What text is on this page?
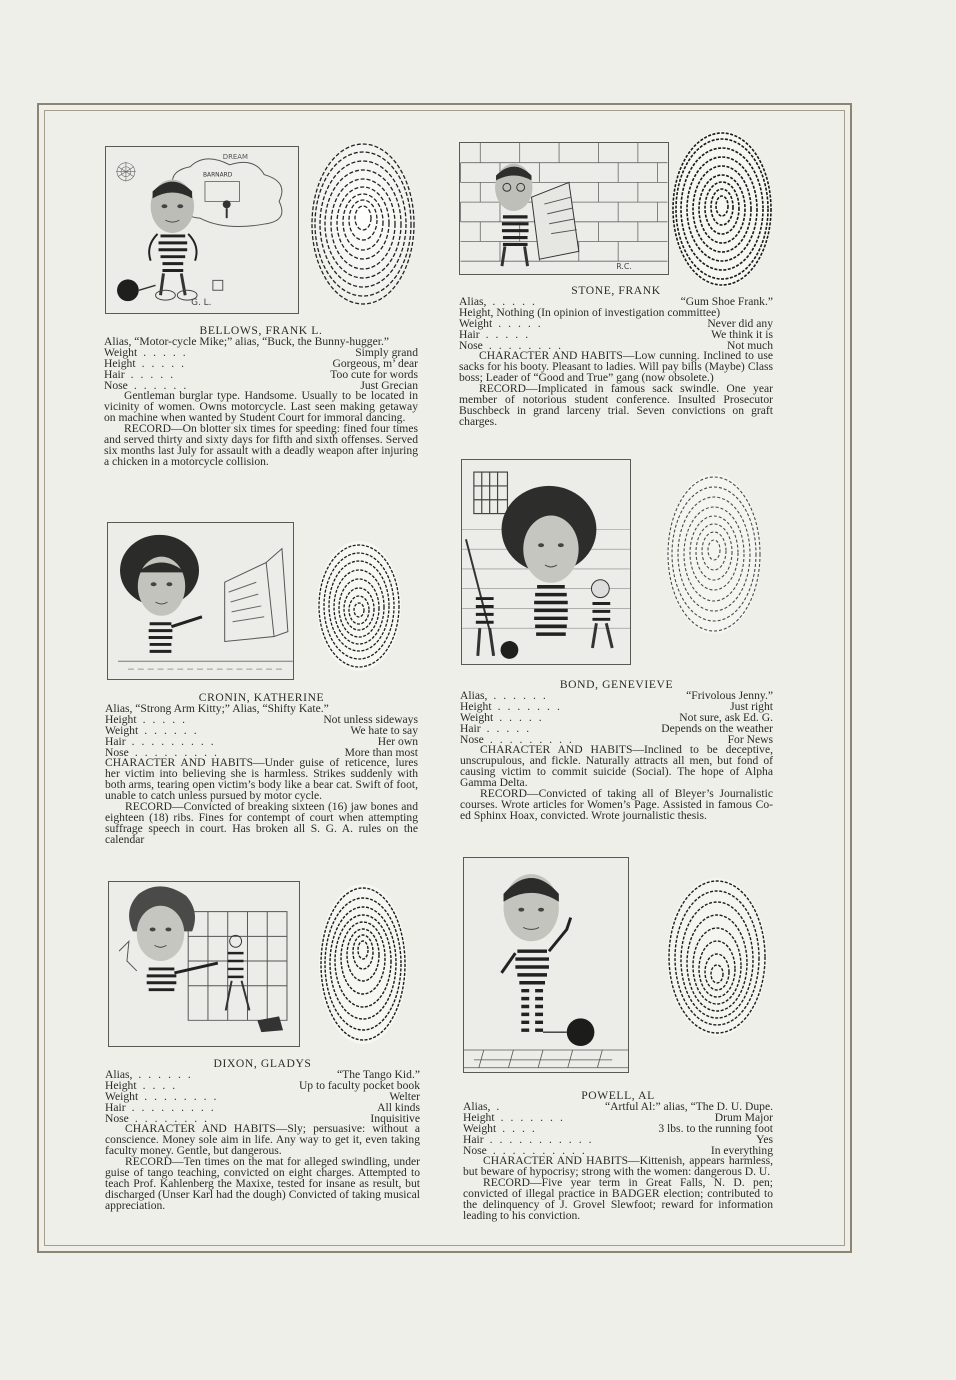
DREAM
BARNARD
G. L.
BELLOWS, FRANK L.
Alias, “Motor-cycle Mike;” alias, “Buck, the Bunny-hugger.”
Weight .....	Simply grand
Height .....	Gorgeous, m’ dear
Hair .....	Too cute for words
Nose ......	Just Grecian
Gentleman burglar type. Handsome. Usually to be located in vicinity of women. Owns motorcycle. Last seen making getaway on machine when wanted by Student Court for immoral dancing.
RECORD—On blotter six times for speeding: fined four times and served thirty and sixty days for fifth and sixth offenses. Served six months last July for assault with a deadly weapon after injuring a chicken in a motorcycle collision.
R.C.
STONE, FRANK
Alias, .....	“Gum Shoe Frank.”
Height, Nothing (In opinion of investigation committee)
Weight .....	Never did any
Hair .....	We think it is
Nose ........	Not much
CHARACTER AND HABITS—Low cunning. Inclined to use sacks for his booty. Pleasant to ladies. Will pay bills (Maybe) Class boss; Leader of “Good and True” gang (now obsolete.)
RECORD—Implicated in famous sack swindle. One year member of notorious student conference. Insulted Prosecutor Buschbeck in grand larceny trial. Seven convictions on graft charges.
CRONIN, KATHERINE
Alias, “Strong Arm Kitty;” Alias, “Shifty Kate.”
Height .....	Not unless sideways
Weight ......	We hate to say
Hair .........	Her own
Nose .........	More than most
CHARACTER AND HABITS—Under guise of reticence, lures her victim into believing she is harmless. Strikes suddenly with both arms, tearing open victim’s body like a bear cat. Swift of foot, unable to catch unless pursued by motor cycle.
RECORD—Convicted of breaking sixteen (16) jaw bones and eighteen (18) ribs. Fines for contempt of court when attempting suffrage speech in court. Has broken all S. G. A. rules on the calendar
BOND, GENEVIEVE
Alias, ......	“Frivolous Jenny.”
Height .......	Just right
Weight .....	Not sure, ask Ed. G.
Hair .....	Depends on the weather
Nose .........	For News
CHARACTER AND HABITS—Inclined to be deceptive, unscrupulous, and fickle. Naturally attracts all men, but fond of causing victim to commit suicide (Social). The hope of Alpha Gamma Delta.
RECORD—Convicted of taking all of Bleyer’s Journalistic courses. Wrote articles for Women’s Page. Assisted in famous Co-ed Sphinx Hoax, convicted. Wrote journalistic thesis.
DIXON, GLADYS
Alias, ......	“The Tango Kid.”
Height ....	Up to faculty pocket book
Weight ........	Welter
Hair .........	All kinds
Nose ........	Inquisitive
CHARACTER AND HABITS—Sly; persuasive: without a conscience. Money sole aim in life. Any way to get it, even taking faculty money. Gentle, but dangerous.
RECORD—Ten times on the mat for alleged swindling, under guise of tango teaching, convicted on eight charges. Attempted to teach Prof. Kahlenberg the Maxixe, tested for insane as result, but discharged (Unser Karl had the dough) Convicted of taking musical appreciation.
POWELL, AL
Alias, .	“Artful Al:” alias, “The D. U. Dupe.
Height .......	Drum Major
Weight ....	3 lbs. to the running foot
Hair ...........	Yes
Nose ..........	In everything
CHARACTER AND HABITS—Kittenish, appears harmless, but beware of hypocrisy; strong with the women: dangerous D. U.
RECORD—Five year term in Great Falls, N. D. pen; convicted of illegal practice in BADGER election; contributed to the delinquency of J. Grovel Slewfoot; reward for information leading to his conviction.
